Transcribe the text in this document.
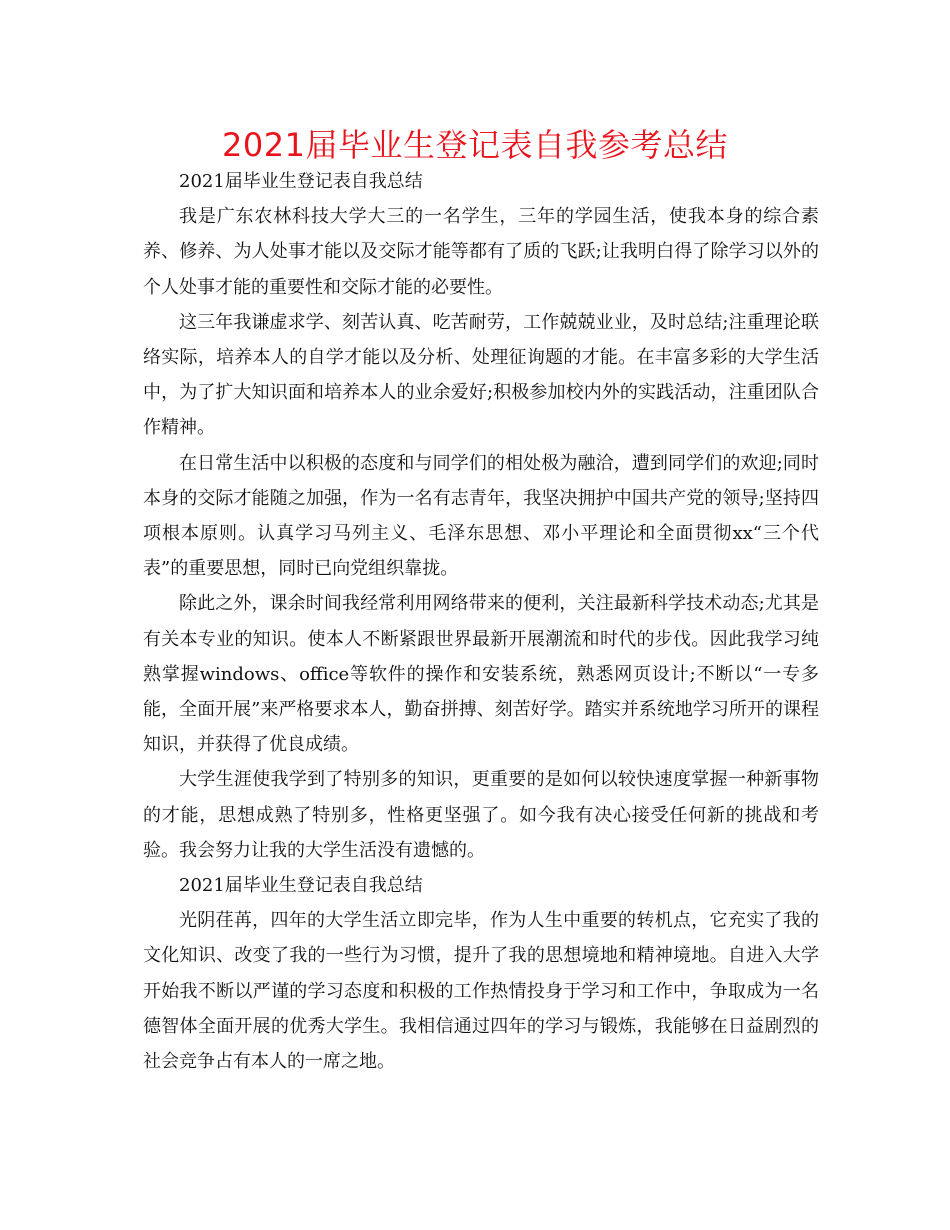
2021届毕业生登记表自我参考总结

2021届毕业生登记表自我总结

我是广东农林科技大学大三的一名学生，三年的学园生活，使我本身的综合素养、修养、为人处事才能以及交际才能等都有了质的飞跃;让我明白得了除学习以外的个人处事才能的重要性和交际才能的必要性。

这三年我谦虚求学、刻苦认真、吃苦耐劳，工作兢兢业业，及时总结;注重理论联络实际，培养本人的自学才能以及分析、处理征询题的才能。在丰富多彩的大学生活中，为了扩大知识面和培养本人的业余爱好;积极参加校内外的实践活动，注重团队合作精神。

在日常生活中以积极的态度和与同学们的相处极为融洽，遭到同学们的欢迎;同时本身的交际才能随之加强，作为一名有志青年，我坚决拥护中国共产党的领导;坚持四项根本原则。认真学习马列主义、毛泽东思想、邓小平理论和全面贯彻xx“三个代表”的重要思想，同时已向党组织靠拢。

除此之外，课余时间我经常利用网络带来的便利，关注最新科学技术动态;尤其是有关本专业的知识。使本人不断紧跟世界最新开展潮流和时代的步伐。因此我学习纯熟掌握windows、office等软件的操作和安装系统，熟悉网页设计;不断以“一专多能，全面开展”来严格要求本人，勤奋拼搏、刻苦好学。踏实并系统地学习所开的课程知识，并获得了优良成绩。

大学生涯使我学到了特别多的知识，更重要的是如何以较快速度掌握一种新事物的才能，思想成熟了特别多，性格更坚强了。如今我有决心接受任何新的挑战和考验。我会努力让我的大学生活没有遗憾的。

2021届毕业生登记表自我总结

光阴荏苒，四年的大学生活立即完毕，作为人生中重要的转机点，它充实了我的文化知识、改变了我的一些行为习惯，提升了我的思想境地和精神境地。自进入大学开始我不断以严谨的学习态度和积极的工作热情投身于学习和工作中，争取成为一名德智体全面开展的优秀大学生。我相信通过四年的学习与锻炼，我能够在日益剧烈的社会竞争占有本人的一席之地。
